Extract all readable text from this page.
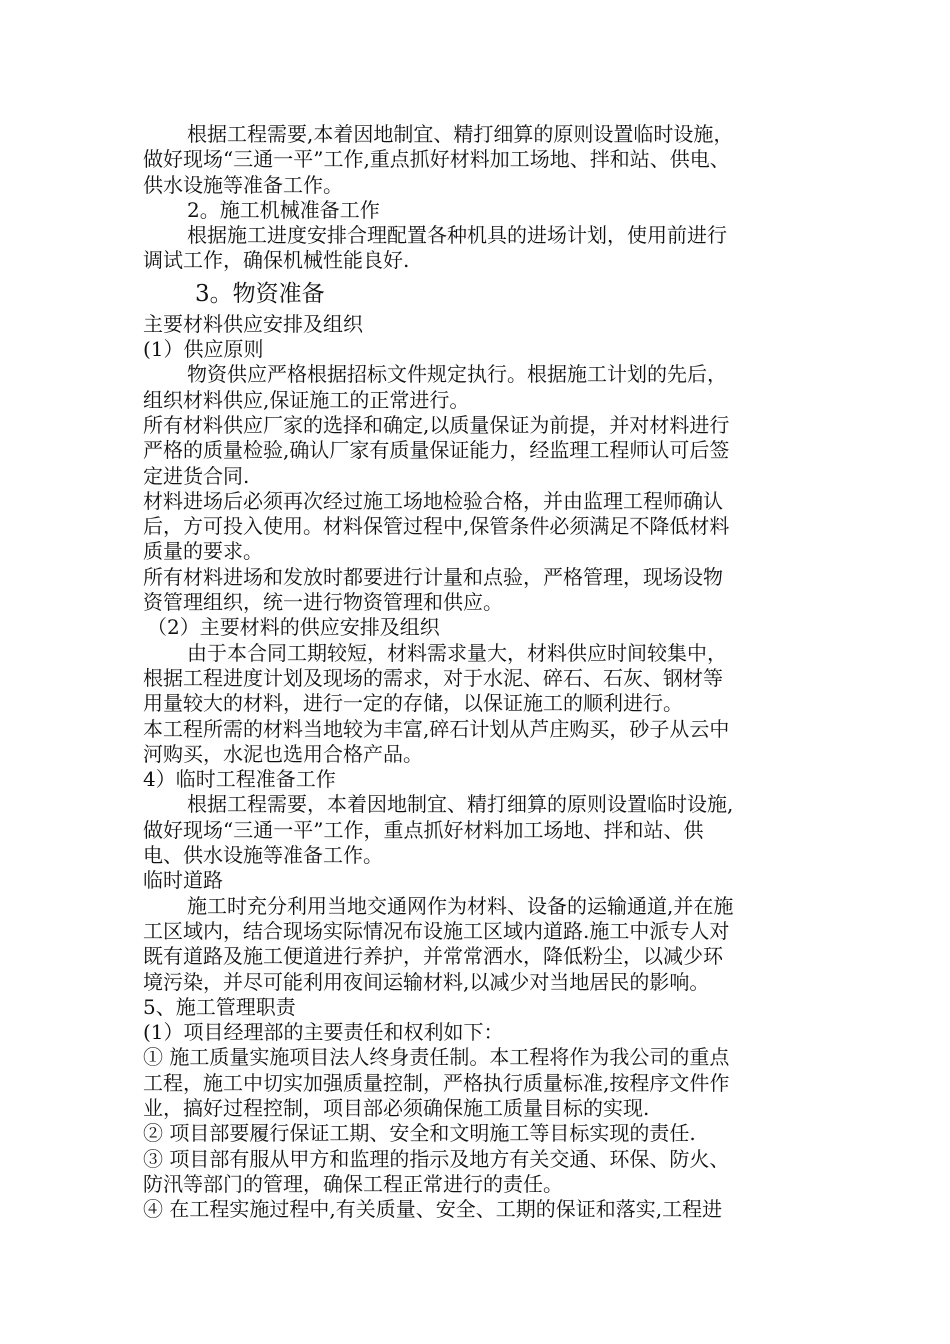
根据工程需要,本着因地制宜、精打细算的原则设置临时设施，

做好现场“三通一平”工作,重点抓好材料加工场地、拌和站、供电、

供水设施等准备工作。

2。施工机械准备工作

根据施工进度安排合理配置各种机具的进场计划，使用前进行

调试工作，确保机械性能良好.

3。物资准备

主要材料供应安排及组织

(1）供应原则

物资供应严格根据招标文件规定执行。根据施工计划的先后，

组织材料供应,保证施工的正常进行。

所有材料供应厂家的选择和确定,以质量保证为前提，并对材料进行

严格的质量检验,确认厂家有质量保证能力，经监理工程师认可后签

定进货合同.

材料进场后必须再次经过施工场地检验合格，并由监理工程师确认

后，方可投入使用。材料保管过程中,保管条件必须满足不降低材料

质量的要求。

所有材料进场和发放时都要进行计量和点验，严格管理，现场设物

资管理组织，统一进行物资管理和供应。

（2）主要材料的供应安排及组织

由于本合同工期较短，材料需求量大，材料供应时间较集中，

根据工程进度计划及现场的需求，对于水泥、碎石、石灰、钢材等

用量较大的材料，进行一定的存储，以保证施工的顺利进行。

本工程所需的材料当地较为丰富,碎石计划从芦庄购买，砂子从云中

河购买，水泥也选用合格产品。

4）临时工程准备工作

根据工程需要，本着因地制宜、精打细算的原则设置临时设施,

做好现场“三通一平”工作，重点抓好材料加工场地、拌和站、供

电、供水设施等准备工作。

临时道路

施工时充分利用当地交通网作为材料、设备的运输通道,并在施

工区域内，结合现场实际情况布设施工区域内道路.施工中派专人对

既有道路及施工便道进行养护，并常常洒水，降低粉尘，以减少环

境污染，并尽可能利用夜间运输材料,以减少对当地居民的影响。

5、施工管理职责

(1）项目经理部的主要责任和权利如下：

① 施工质量实施项目法人终身责任制。本工程将作为我公司的重点

工程，施工中切实加强质量控制，严格执行质量标准,按程序文件作

业，搞好过程控制，项目部必须确保施工质量目标的实现.

② 项目部要履行保证工期、安全和文明施工等目标实现的责任.

③ 项目部有服从甲方和监理的指示及地方有关交通、环保、防火、

防汛等部门的管理，确保工程正常进行的责任。

④ 在工程实施过程中,有关质量、安全、工期的保证和落实,工程进
